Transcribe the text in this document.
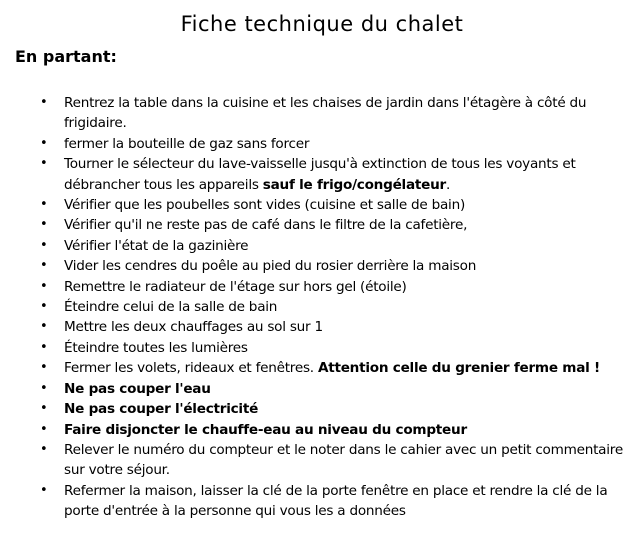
Fiche technique du chalet
En partant:
• Rentrez la table dans la cuisine et les chaises de jardin dans l'étagère à côté du frigidaire.
• fermer la bouteille de gaz sans forcer
• Tourner le sélecteur du lave-vaisselle jusqu'à extinction de tous les voyants et débrancher tous les appareils sauf le frigo/congélateur.
• Vérifier que les poubelles sont vides (cuisine et salle de bain)
• Vérifier qu'il ne reste pas de café dans le filtre de la cafetière,
• Vérifier l'état de la gazinière
• Vider les cendres du poêle au pied du rosier derrière la maison
• Remettre le radiateur de l'étage sur hors gel (étoile)
• Éteindre celui de la salle de bain
• Mettre les deux chauffages au sol sur 1
• Éteindre toutes les lumières
• Fermer les volets, rideaux et fenêtres. Attention celle du grenier ferme mal !
• Ne pas couper l'eau
• Ne pas couper l'électricité
• Faire disjoncter le chauffe-eau au niveau du compteur
• Relever le numéro du compteur et le noter dans le cahier avec un petit commentaire sur votre séjour.
• Refermer la maison, laisser la clé de la porte fenêtre en place et rendre la clé de la porte d'entrée à la personne qui vous les a données
